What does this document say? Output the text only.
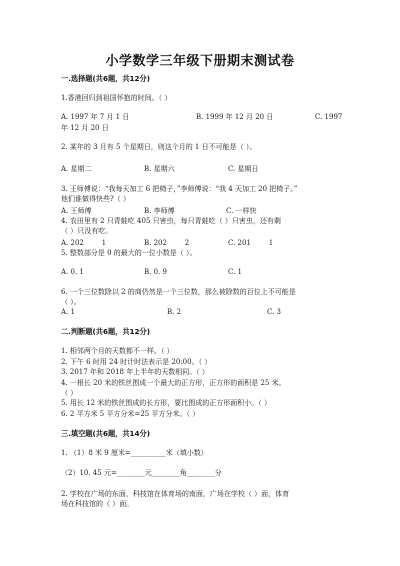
小学数学三年级下册期末测试卷
一.选择题(共6题，共12分)
1.香港回归到祖国怀抱的时间。（ ）
A. 1997 年 7 月 1 日	B. 1999 年 12 月 20 日	C. 1997
年 12 月 20 日
2. 某年的 3 月有 5 个星期日，则这个月的 1 日不可能是（ ）。
A. 星期二	B. 星期六	C. 星期日
3. 王师傅说：“我每天加工 6 把椅子，”李师傅说：“我 4 天加工 20 把椅子。”
他们谁做得快些?（ ）
A. 王师傅	B. 李师傅	C. 一样快
4. 农田里有 2 只青蛙吃 405 只害虫，每只青蛙吃（ ）只害虫，还有剩
（ ）只没有吃。
A. 202        1	B. 202        2	C. 201        1
5. 整数部分是 0 的最大的一位小数是（ ）。
A. 0. 1	B. 0. 9	C. 1
6. 一个三位数除以 2 的商仍然是一个三位数，那么被除数的百位上不可能是
（ ）。
A. 1	B. 2	C. 3
二.判断题(共6题，共12分)
1. 相邻两个月的天数都不一样。（ ）
2. 下午 6 时用 24 时计时法表示是 20:00。（ ）
3. 2017 年和 2018 年上半年的天数相同。（ ）
4. 一根长 20 米的铁丝围成一个最大的正方形，正方形的面积是 25 米。
（ ）
5. 用长 12 米的铁丝围成的长方形，要比围成的正方形面积小。（ ）
6. 2 平方米 5 平方分米=25 平方分米。（ ）
三.填空题(共6题，共14分)
1. （1）8 米 9 厘米=__________米（填小数）
（2）10. 45 元=________元________角________分
2. 学校在广场的东面，科技馆在体育场的南面，广场在学校（ ）面，体育
场在科技馆的（ ）面。
